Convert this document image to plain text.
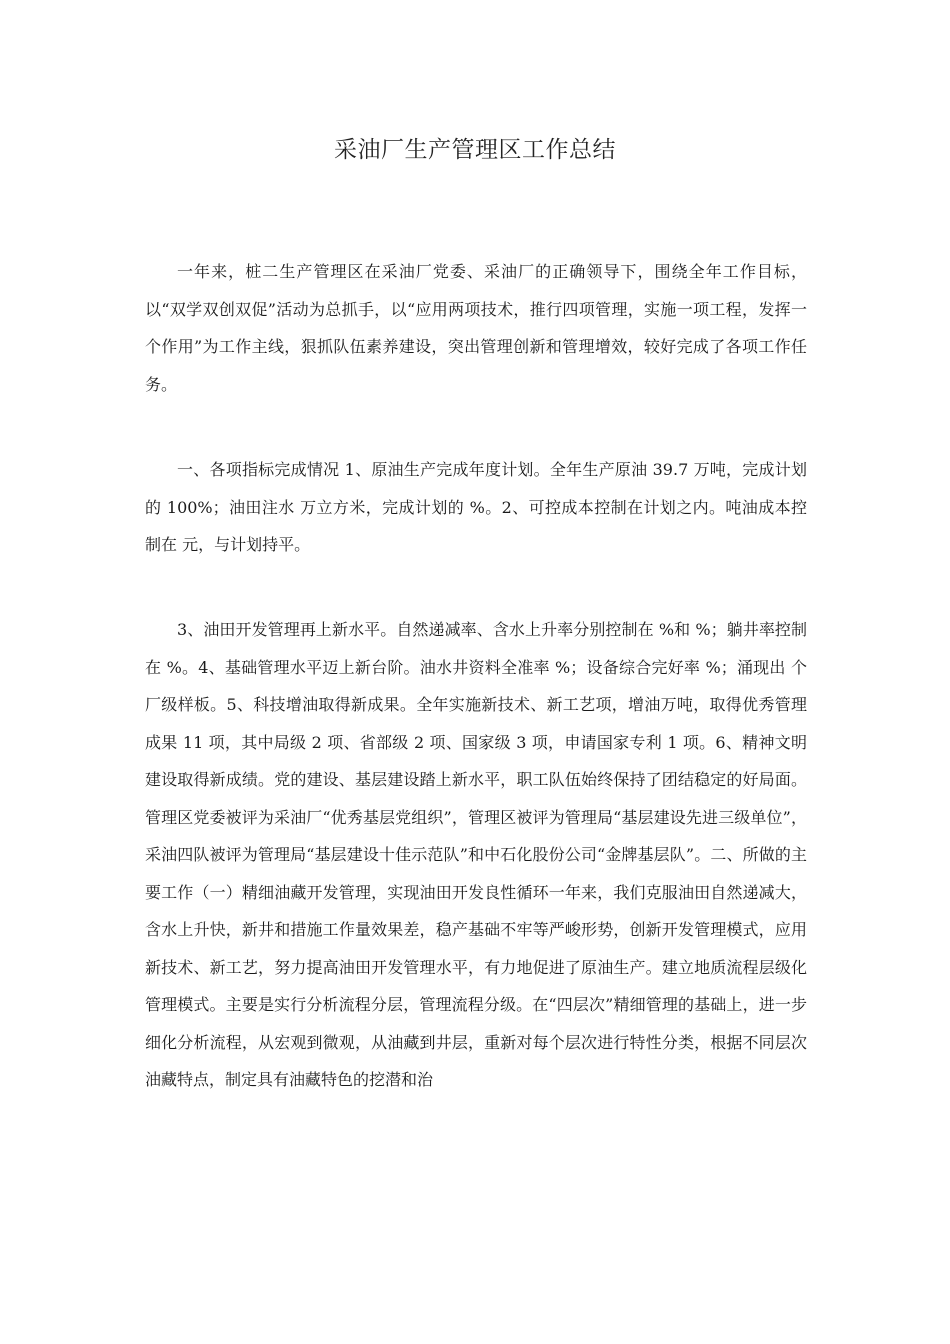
采油厂生产管理区工作总结

一年来，桩二生产管理区在采油厂党委、采油厂的正确领导下，围绕全年工作目标，以“双学双创双促”活动为总抓手，以“应用两项技术，推行四项管理，实施一项工程，发挥一个作用”为工作主线，狠抓队伍素养建设，突出管理创新和管理增效，较好完成了各项工作任务。

一、各项指标完成情况 1、原油生产完成年度计划。全年生产原油 39.7 万吨，完成计划的 100%；油田注水 万立方米，完成计划的 %。2、可控成本控制在计划之内。吨油成本控制在 元，与计划持平。

3、油田开发管理再上新水平。自然递减率、含水上升率分别控制在 %和 %；躺井率控制在 %。4、基础管理水平迈上新台阶。油水井资料全准率 %；设备综合完好率 %；涌现出 个厂级样板。5、科技增油取得新成果。全年实施新技术、新工艺项，增油万吨，取得优秀管理成果 11 项，其中局级 2 项、省部级 2 项、国家级 3 项，申请国家专利 1 项。6、精神文明建设取得新成绩。党的建设、基层建设踏上新水平，职工队伍始终保持了团结稳定的好局面。管理区党委被评为采油厂“优秀基层党组织”，管理区被评为管理局“基层建设先进三级单位”，采油四队被评为管理局“基层建设十佳示范队”和中石化股份公司“金牌基层队”。二、所做的主要工作（一）精细油藏开发管理，实现油田开发良性循环一年来，我们克服油田自然递减大，含水上升快，新井和措施工作量效果差，稳产基础不牢等严峻形势，创新开发管理模式，应用新技术、新工艺，努力提高油田开发管理水平，有力地促进了原油生产。建立地质流程层级化管理模式。主要是实行分析流程分层，管理流程分级。在“四层次”精细管理的基础上，进一步细化分析流程，从宏观到微观，从油藏到井层，重新对每个层次进行特性分类，根据不同层次油藏特点，制定具有油藏特色的挖潜和治
